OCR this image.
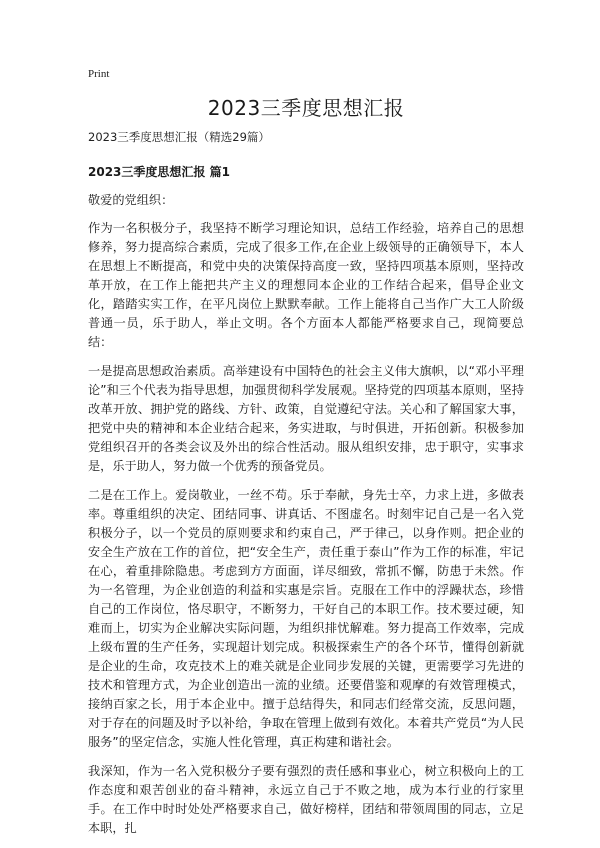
Print
2023三季度思想汇报
2023三季度思想汇报（精选29篇）
2023三季度思想汇报 篇1
敬爱的党组织：

作为一名积极分子，我坚持不断学习理论知识，总结工作经验，培养自己的思想修养，努力提高综合素质，完成了很多工作,在企业上级领导的正确领导下，本人在思想上不断提高，和党中央的决策保持高度一致，坚持四项基本原则，坚持改革开放，在工作上能把共产主义的理想同本企业的工作结合起来，倡导企业文化，踏踏实实工作，在平凡岗位上默默奉献。工作上能将自己当作广大工人阶级普通一员，乐于助人，举止文明。各个方面本人都能严格要求自己，现简要总结：

一是提高思想政治素质。高举建设有中国特色的社会主义伟大旗帜，以“邓小平理论”和三个代表为指导思想，加强贯彻科学发展观。坚持党的四项基本原则，坚持改革开放、拥护党的路线、方针、政策，自觉遵纪守法。关心和了解国家大事，把党中央的精神和本企业结合起来，务实进取，与时俱进，开拓创新。积极参加党组织召开的各类会议及外出的综合性活动。服从组织安排，忠于职守，实事求是，乐于助人，努力做一个优秀的预备党员。

二是在工作上。爱岗敬业，一丝不苟。乐于奉献，身先士卒，力求上进，多做表率。尊重组织的决定、团结同事、讲真话、不图虚名。时刻牢记自己是一名入党积极分子，以一个党员的原则要求和约束自己，严于律己，以身作则。把企业的安全生产放在工作的首位，把“安全生产，责任重于泰山”作为工作的标准，牢记在心，着重排除隐患。考虑到方方面面，详尽细致，常抓不懈，防患于未然。作为一名管理，为企业创造的利益和实惠是宗旨。克服在工作中的浮躁状态，珍惜自己的工作岗位，恪尽职守，不断努力，干好自己的本职工作。技术要过硬，知难而上，切实为企业解决实际问题，为组织排忧解难。努力提高工作效率，完成上级布置的生产任务，实现超计划完成。积极探索生产的各个环节，懂得创新就是企业的生命，攻克技术上的难关就是企业同步发展的关键，更需要学习先进的技术和管理方式，为企业创造出一流的业绩。还要借鉴和观摩的有效管理模式，接纳百家之长，用于本企业中。擅于总结得失，和同志们经常交流，反思问题，对于存在的问题及时予以补给，争取在管理上做到有效化。本着共产党员“为人民服务”的坚定信念，实施人性化管理，真正构建和谐社会。

我深知，作为一名入党积极分子要有强烈的责任感和事业心，树立积极向上的工作态度和艰苦创业的奋斗精神，永远立自己于不败之地，成为本行业的行家里手。在工作中时时处处严格要求自己，做好榜样，团结和带领周围的同志，立足本职，扎
